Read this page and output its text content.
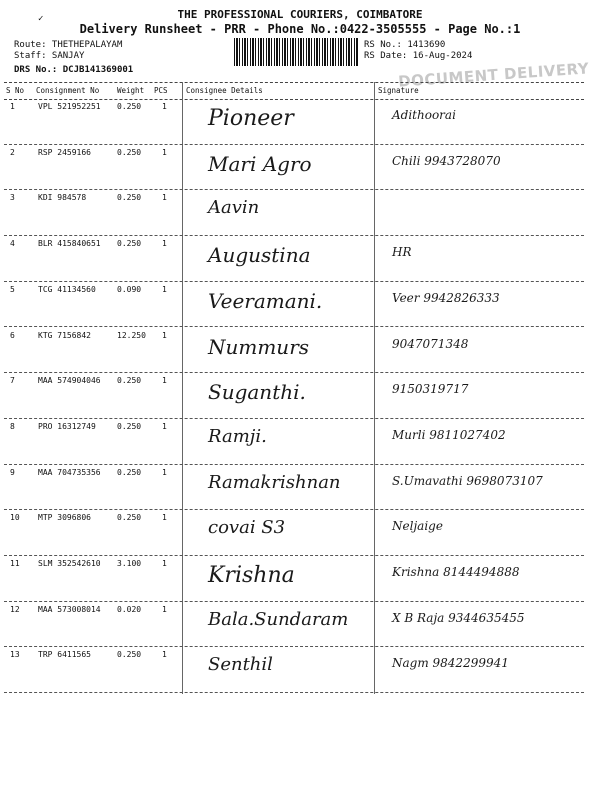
✓	THE PROFESSIONAL COURIERS, COIMBATORE
Delivery Runsheet - PRR - Phone No.:0422-3505555 - Page No.:1
Route: THETHEPALAYAM
Staff: SANJAY
DRS No.: DCJB141369001
RS No.: 1413690
RS Date: 16-Aug-2024
DOCUMENT DELIVERY
S No Consignment No Weight PCS Consignee Details	Signature
1	VPL 521952251 0.250	1 Pioneer	Adithoorai
2	RSP 2459166	0.250	1 Mari Agro	Chili 9943728070
3	KDI 984578	0.250	1 Aavin
4	BLR 415840651 0.250	1 Augustina	HR
5	TCG 41134560	0.090	1 Veeramani.	Veer 9942826333
6	KTG 7156842	12.250 1 Nummurs	9047071348
7	MAA 574904046 0.250	1 Suganthi.	9150319717
8	PRO 16312749	0.250	1 Ramji.	Murli 9811027402
9	MAA 704735356 0.250	1 Ramakrishnan	S.Umavathi 9698073107
10 MTP 3096806	0.250	1 covai S3	Neljaige
11 SLM 352542610 3.100	1 Krishna	Krishna 8144494888
12 MAA 573008014 0.020	1 Bala.Sundaram	X B Raja 9344635455
13 TRP 6411565	0.250	1 Senthil	Nagm 9842299941
